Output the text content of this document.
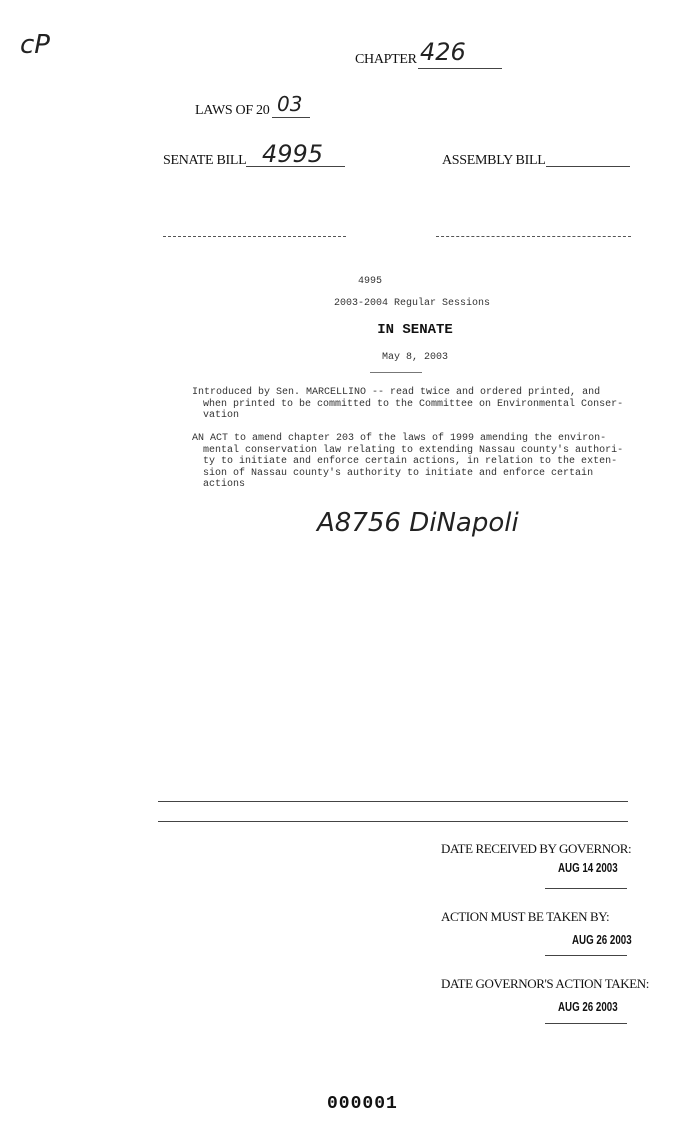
cP	CHAPTER 426
LAWS OF 20 03
SENATE BILL 4995	ASSEMBLY BILL
4995
2003-2004 Regular Sessions
IN SENATE
May 8, 2003
Introduced by Sen. MARCELLINO -- read twice and ordered printed, and
when printed to be committed to the Committee on Environmental Conser-
vation
AN ACT to amend chapter 203 of the laws of 1999 amending the environ-
mental conservation law relating to extending Nassau county's authori-
ty to initiate and enforce certain actions, in relation to the exten-
sion of Nassau county's authority to initiate and enforce certain
actions
A8756 DiNapoli
DATE RECEIVED BY GOVERNOR:
AUG 14 2003
ACTION MUST BE TAKEN BY:
AUG 26 2003
DATE GOVERNOR'S ACTION TAKEN:
AUG 26 2003
000001
